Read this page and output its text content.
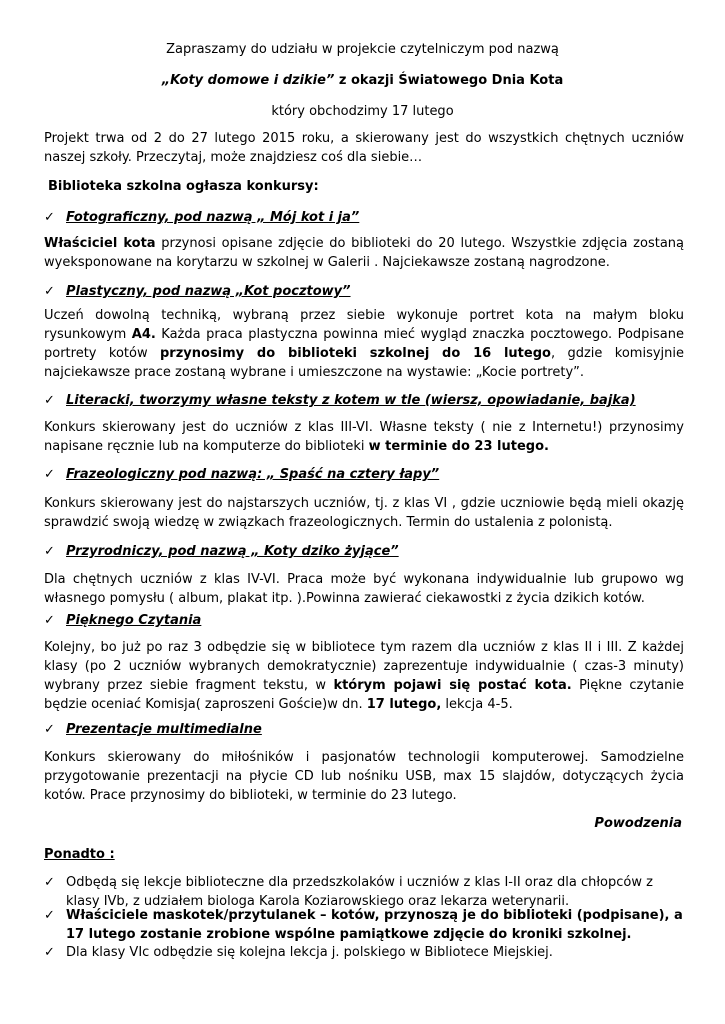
Zapraszamy do udziału w projekcie czytelniczym pod nazwą
„Koty domowe i dzikie” z okazji Światowego Dnia Kota
który obchodzimy 17 lutego
Projekt trwa od 2 do 27 lutego 2015 roku, a skierowany jest do wszystkich chętnych uczniów naszej szkoły. Przeczytaj, może znajdziesz coś dla siebie…
Biblioteka szkolna ogłasza konkursy:
✓ Fotograficzny, pod nazwą „ Mój kot i ja”
Właściciel kota przynosi opisane zdjęcie do biblioteki do 20 lutego. Wszystkie zdjęcia zostaną wyeksponowane na korytarzu w szkolnej w Galerii . Najciekawsze zostaną nagrodzone.
✓ Plastyczny, pod nazwą „Kot pocztowy”
Uczeń dowolną techniką, wybraną przez siebie wykonuje portret kota na małym bloku rysunkowym A4. Każda praca plastyczna powinna mieć wygląd znaczka pocztowego. Podpisane portrety kotów przynosimy do biblioteki szkolnej do 16 lutego, gdzie komisyjnie najciekawsze prace zostaną wybrane i umieszczone na wystawie: „Kocie portrety”.
✓ Literacki, tworzymy własne teksty z kotem w tle (wiersz, opowiadanie, bajka)
Konkurs skierowany jest do uczniów z klas III-VI. Własne teksty ( nie z Internetu!) przynosimy napisane ręcznie lub na komputerze do biblioteki w terminie do 23 lutego.
✓ Frazeologiczny pod nazwą: „ Spaść na cztery łapy”
Konkurs skierowany jest do najstarszych uczniów, tj. z klas VI , gdzie uczniowie będą mieli okazję sprawdzić swoją wiedzę w związkach frazeologicznych. Termin do ustalenia z polonistą.
✓ Przyrodniczy, pod nazwą „ Koty dziko żyjące”
Dla chętnych uczniów z klas IV-VI. Praca może być wykonana indywidualnie lub grupowo wg własnego pomysłu ( album, plakat itp. ).Powinna zawierać ciekawostki z życia dzikich kotów.
✓ Pięknego Czytania
Kolejny, bo już po raz 3 odbędzie się w bibliotece tym razem dla uczniów z klas II i III. Z każdej klasy (po 2 uczniów wybranych demokratycznie) zaprezentuje indywidualnie ( czas-3 minuty) wybrany przez siebie fragment tekstu, w którym pojawi się postać kota. Piękne czytanie będzie oceniać Komisja( zaproszeni Goście)w dn. 17 lutego, lekcja 4-5.
✓ Prezentacje multimedialne
Konkurs skierowany do miłośników i pasjonatów technologii komputerowej. Samodzielne przygotowanie prezentacji na płycie CD lub nośniku USB, max 15 slajdów, dotyczących życia kotów. Prace przynosimy do biblioteki, w terminie do 23 lutego.
Powodzenia
Ponadto :
✓ Odbędą się lekcje biblioteczne dla przedszkolaków i uczniów z klas I-II oraz dla chłopców z klasy IVb, z udziałem biologa Karola Koziarowskiego oraz lekarza weterynarii.
✓ Właściciele maskotek/przytulanek – kotów, przynoszą je do biblioteki (podpisane), a 17 lutego zostanie zrobione wspólne pamiątkowe zdjęcie do kroniki szkolnej.
✓ Dla klasy VIc odbędzie się kolejna lekcja j. polskiego w Bibliotece Miejskiej.
